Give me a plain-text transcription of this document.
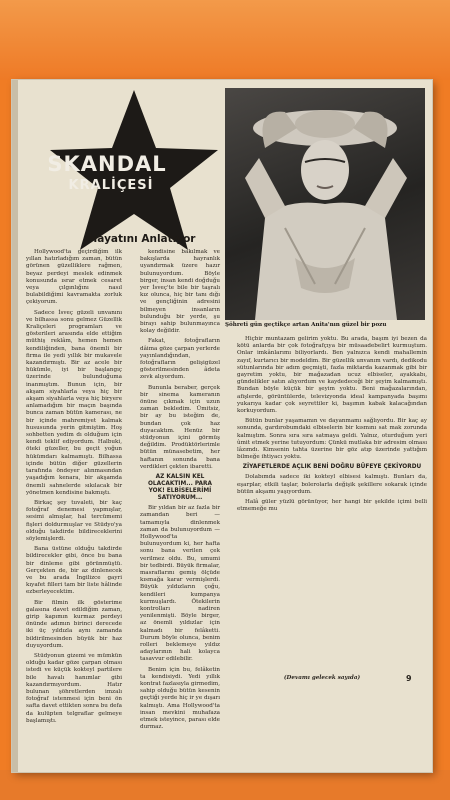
SKANDAL
KRALİÇESİ
Şöhreti gün geçtikçe artan Anita'nın güzel bir pozu
Hayatını Anlatıyor

Hollywood'ta geçirdiğim ilk yıllan hatırladığım zaman, bütün görünen güzelliklere rağmen, beyaz perdeyi meslek edinmek konusunda ısrar etmek cesaret veya çılgınlığını nasıl bulabildiğimi kavramakta zorluk çekiyorum.

Sadece İsveç güzeli unvanını ve bilhassa sonu gelmez Güzellik Kraliçeleri programları ve gösterileri arasında elde ettiğim müthiş reklâm, hemen hemen kendiliğinden, bana önemli bir firma ile yedi yıllık bir mukavele kazandırmıştı. Bir az acele bir hükümle, iyi bir başlangıç üzerinde bulunduğuma inanmıştım. Bunun için, bir akşam siyahlarla veya hiç bir akşam siyahlarla veya hiç biryere anlamadığım bir maçın başında bunca zaman bütün kamerası, ne bir içinde mahremiyet kalmak hususunda yerin gitmiştim. Hoş sohbetten yedim dı olduğum için kendi teklif ediyordum. Halbuki, öteki güzeller, bu geçit yoğun hükümdarı kalmamıştı. Bilhassa içinde bütün diğer güzellerin tarafında öndeyer alınmasından yaşadığım kenara, bir akşamda önemli sahnelerde sıkılacak bir yönetmen kendisine bakmıştı.

Birkaç şey tuvaleti, bir kaç fotoğraf denemesi yapmışlar, sesimi almışlar, hal tercümemi fişleri doldurmuşlar ve Stüdyo'ya olduğu takdirde bildireceklerini söylemişlerdi.

Bana üstüne olduğu takdirde bildirecekler gibi, önce bu bana bir dinleme gibi görünmüştü. Gerçekten de, bir az dinlenecek ve bu arada İngilizce gayri kıyafet filleri tam bir liste hâlinde ezberleyecektim.

Bir filmin ilk gösterime galasına davet edildiğim zaman, girip kapımın kurmaz perdeyi önünde adımın birinci derecede iki üç yıldızla aynı zamanda bildirilmesinden büyük bir haz duyuyordum.

Stüdyonun gizemi ve mümkün olduğu kadar göze çarpan olması istedi ve küçük kokteyl partilere bile havalı hanımlar gibi kazandırmıyordum. Hatır bulunan şöhretlerden imzalı fotoğraf istenmesi için beni ön safta davet ettikten sonra bu defa da kulüpten telgraflar gelmeye başlamıştı.

kendisine bakılmak ve bakışlarda hayranlık uyandırmak üzere hazır bulunuyordum. Böyle birger, insan kendi doğduğu yer İsveç'te bile bir taşralı kız olunca, hiç bir tanı dığı ve gençliğinin adresini bilmeyen insanların bulunduğu bir yerde, şu birayı sahip bulunmayınca kolay değildir.

Fakat, fotoğrafların dâima göze çarpan yerlerde yayınlandığından, fotoğrafların gelişigüzel gösterilmesinden âdeta zevk alıyordum.

Bununla beraber, gerçek bir sinema kameranın önüne çıkmak için uzun zaman bekledim. Ümitsiz, bir ay bu isteğim de, bundan çok haz duyacaktım. Henüz bir stüdyonun içini görmüş değildim. Prodüktörlerimle bütün münasebetim, her haftanın sonunda bana verdikleri çekten ibaretti.

AZ KALSIN KEL OLACAKTIM... PARA YOK! ELBİSELERİMİ SATIYORUM...

Bir yıldan bir az fazla bir zamandan beri — tamamıyla dinlenmek zaman da bulunuyordum — Hollywood'ta bulunuyordum ki, her hafta sonu bana verilen çek verilmez oldu. Bu, umumi bir tedbirdi. Büyük firmalar, masraflarını gemiş ölçüde kısmağa karar vermişlerdi. Büyük yıldızların çoğu, kendileri kumpanya kurmuşlardı. Ötekilerin kontrolları nadiren yenilenmişti. Böyle birger, az önemli yıldızlar için kalmadı bir felâketti. Durum böyle olunca, benim rolleri beklemeye yıldız adaylarının hali kolayca tasavvur edilebilir.

Benim için bu, felâketin ta kendisiydi. Yedi yıllık kontrat fazlasıyla girmedim, sahip olduğu bütün kesenin geçtiği yerde hiç ir ye dışarı kalmıştı. Ama Hollywood'ta insan mevkini muhafaza etmek isteyince, parası elde durmaz.

Hiçbir muntazam gelirim yoktu. Bu arada, başım iyi bezen da kötü anlarda bir çok fotoğrafçıya bir müsaadebelirt kurmuştum. Onlar imkânlarımı biliyorlardı. Ben yalnızca kendi mahallemin zayıf, kurtarıcı bir modeldim. Bir güzellik unvanım vardı, dedikodu sütunlarında bir adım geçmişti, fazla miktarda kazanmak gibi bir gayretim yoktu, bir mağazadan ucuz elbiseler, ayakkabı, gündelikler satın alıyordum ve kaydedeceği bir şeyim kalmamıştı. Bundan böyle küçük bir şeyim yoktu. Beni mağazalarından, afişlerde, görüntülerde, televizyonda ideal kampanyada başımı yukarıya kadar çok seyrettiler ki, başımın kabak kalacağından korkuyordum.

Bütün bunlar yaşamamın ve dayanmamı sağlıyordu. Bir kaç ay sonunda, gardırobumdaki elbiselerin bir kısmını sat mak zorunda kalmıştım. Sonra sıra sıra satmaya geldi. Yalnız, oturduğum yeri ûmit etmek yerine tutuyordum: Çünkü mutlaka bir adresim olması lâzımdı. Kimsenin tahta üzerine bir göz atıp üzerinde yattığım bilmeğe ihtiyacı yoktu.

ZİYAFETLERDE AÇLIK BENİ DOĞRU BÜFEYE ÇEKİYORDU

Dolabımda sadece iki kokteyl elbisesi kalmıştı. Bunları da, eşarplar, etkili taşlar, bolerolarla değişik şekillere sokarak içinde bütün akşamı yaşıyordum.

Halâ güler yüzlü görünüyor, her hangi bir şekilde içimi belli etmemeğe mu

(Devamı gelecek sayıda)	9
